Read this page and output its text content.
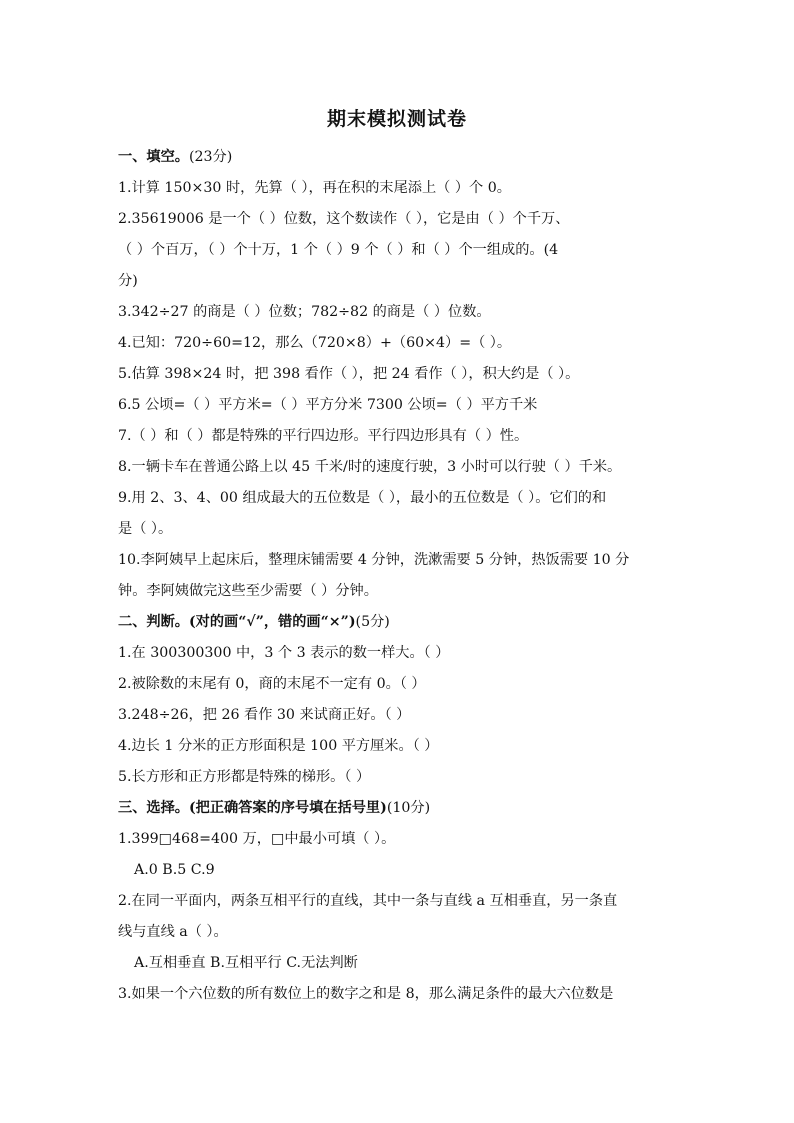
期末模拟测试卷
一、填空。(23分)
1.计算 150×30 时，先算（ ），再在积的末尾添上（ ）个 0。
2.35619006 是一个（ ）位数，这个数读作（ ），它是由（ ）个千万、
（ ）个百万，（ ）个十万，1 个（ ）9 个（ ）和（ ）个一组成的。(4
分)
3.342÷27 的商是（ ）位数；782÷82 的商是（ ）位数。
4.已知：720÷60=12，那么（720×8）+（60×4）=（ ）。
5.估算 398×24 时，把 398 看作（ ），把 24 看作（ ），积大约是（ ）。
6.5 公顷=（ ）平方米=（ ）平方分米 7300 公顷=（ ）平方千米
7.（ ）和（ ）都是特殊的平行四边形。平行四边形具有（ ）性。
8.一辆卡车在普通公路上以 45 千米/时的速度行驶，3 小时可以行驶（ ）千米。
9.用 2、3、4、00 组成最大的五位数是（ ），最小的五位数是（ ）。它们的和
是（ ）。
10.李阿姨早上起床后，整理床铺需要 4 分钟，洗漱需要 5 分钟，热饭需要 10 分
钟。李阿姨做完这些至少需要（ ）分钟。
二、判断。(对的画“√”，错的画“×”)(5分)
1.在 300300300 中，3 个 3 表示的数一样大。（ ）
2.被除数的末尾有 0，商的末尾不一定有 0。（ ）
3.248÷26，把 26 看作 30 来试商正好。（ ）
4.边长 1 分米的正方形面积是 100 平方厘米。（ ）
5.长方形和正方形都是特殊的梯形。（ ）
三、选择。(把正确答案的序号填在括号里)(10分)
1.399□468=400 万，□中最小可填（ ）。
A.0 B.5 C.9
2.在同一平面内，两条互相平行的直线，其中一条与直线 a 互相垂直，另一条直
线与直线 a（ ）。
A.互相垂直 B.互相平行 C.无法判断
3.如果一个六位数的所有数位上的数字之和是 8，那么满足条件的最大六位数是
